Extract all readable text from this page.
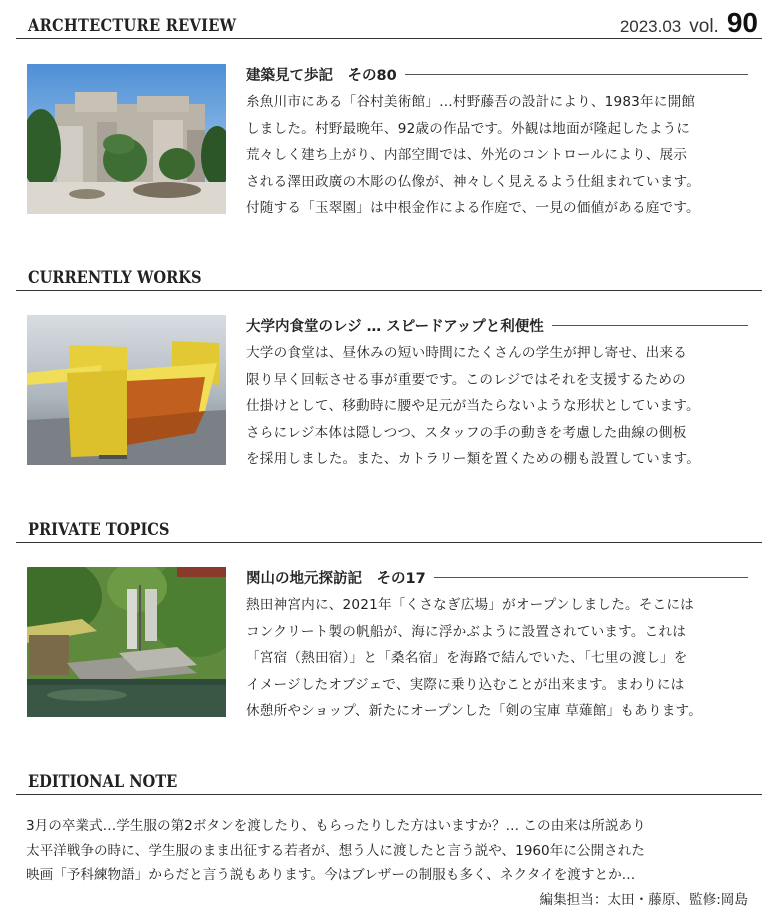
ARCHTECTURE REVIEW	2023.03 vol. 90
建築見て歩記　その80
糸魚川市にある「谷村美術館」…村野藤吾の設計により、1983年に開館
しました。村野最晩年、92歳の作品です。外観は地面が隆起したように
荒々しく建ち上がり、内部空間では、外光のコントロールにより、展示
される澤田政廣の木彫の仏像が、神々しく見えるよう仕組まれています。
付随する「玉翠園」は中根金作による作庭で、一見の価値がある庭です。
CURRENTLY WORKS
大学内食堂のレジ … スピードアップと利便性
大学の食堂は、昼休みの短い時間にたくさんの学生が押し寄せ、出来る
限り早く回転させる事が重要です。このレジではそれを支援するための
仕掛けとして、移動時に腰や足元が当たらないような形状としています。
さらにレジ本体は隠しつつ、スタッフの手の動きを考慮した曲線の側板
を採用しました。また、カトラリー類を置くための棚も設置しています。
PRIVATE TOPICS
関山の地元探訪記　その17
熱田神宮内に、2021年「くさなぎ広場」がオープンしました。そこには
コンクリート製の帆船が、海に浮かぶように設置されています。これは
「宮宿（熱田宿）」と「桑名宿」を海路で結んでいた、「七里の渡し」を
イメージしたオブジェで、実際に乗り込むことが出来ます。まわりには
休憩所やショップ、新たにオープンした「剣の宝庫 草薙館」もあります。
EDITIONAL NOTE
3月の卒業式…学生服の第2ボタンを渡したり、もらったりした方はいますか？… この由来は所説あり
太平洋戦争の時に、学生服のまま出征する若者が、想う人に渡したと言う説や、1960年に公開された
映画「予科練物語」からだと言う説もあります。今はブレザーの制服も多く、ネクタイを渡すとか…
編集担当：太田・藤原、監修:岡島
